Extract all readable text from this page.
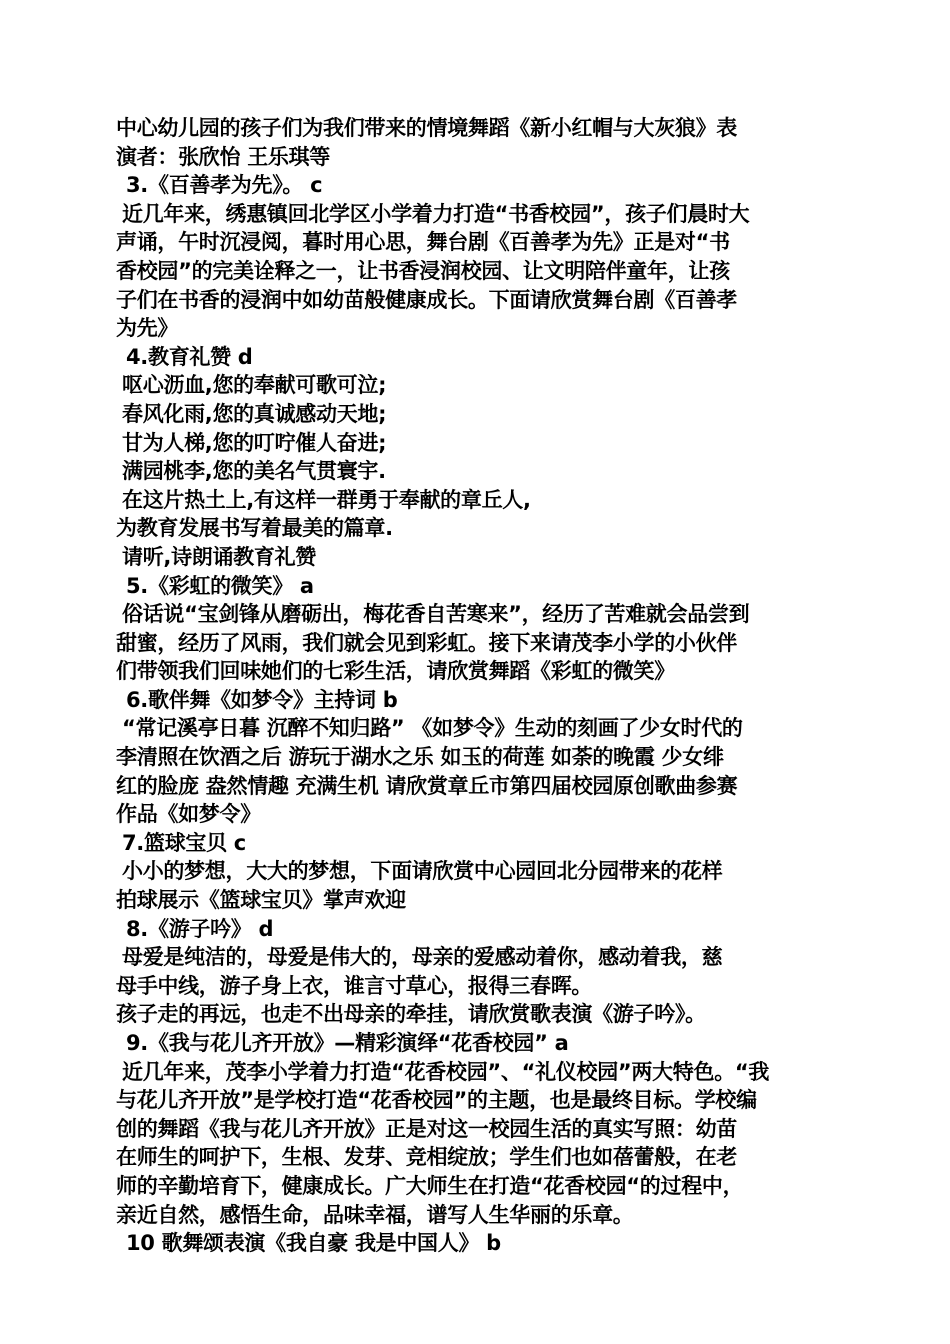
中心幼儿园的孩子们为我们带来的情境舞蹈《新小红帽与大灰狼》表
演者：张欣怡 王乐琪等
3.《百善孝为先》。 c
近几年来，绣惠镇回北学区小学着力打造“书香校园”，孩子们晨时大
声诵，午时沉浸阅，暮时用心思，舞台剧《百善孝为先》正是对“书
香校园”的完美诠释之一，让书香浸润校园、让文明陪伴童年，让孩
子们在书香的浸润中如幼苗般健康成长。下面请欣赏舞台剧《百善孝
为先》
4.教育礼赞 d
呕心沥血,您的奉献可歌可泣;
春风化雨,您的真诚感动天地;
甘为人梯,您的叮咛催人奋进;
满园桃李,您的美名气贯寰宇.
在这片热土上,有这样一群勇于奉献的章丘人,
为教育发展书写着最美的篇章.
请听,诗朗诵教育礼赞
5.《彩虹的微笑》 a
俗话说“宝剑锋从磨砺出，梅花香自苦寒来”，经历了苦难就会品尝到
甜蜜，经历了风雨，我们就会见到彩虹。接下来请茂李小学的小伙伴
们带领我们回味她们的七彩生活，请欣赏舞蹈《彩虹的微笑》
6.歌伴舞《如梦令》主持词 b
“常记溪亭日暮 沉醉不知归路” 《如梦令》生动的刻画了少女时代的
李清照在饮酒之后 游玩于湖水之乐 如玉的荷莲 如荼的晚霞 少女绯
红的脸庞 盎然情趣 充满生机 请欣赏章丘市第四届校园原创歌曲参赛
作品《如梦令》
7.篮球宝贝 c
小小的梦想，大大的梦想，下面请欣赏中心园回北分园带来的花样
拍球展示《篮球宝贝》掌声欢迎
8.《游子吟》 d
母爱是纯洁的，母爱是伟大的，母亲的爱感动着你，感动着我，慈
母手中线，游子身上衣，谁言寸草心，报得三春晖。
孩子走的再远，也走不出母亲的牵挂，请欣赏歌表演《游子吟》。
9.《我与花儿齐开放》—精彩演绎“花香校园” a
近几年来，茂李小学着力打造“花香校园”、“礼仪校园”两大特色。“我
与花儿齐开放”是学校打造“花香校园”的主题，也是最终目标。学校编
创的舞蹈《我与花儿齐开放》正是对这一校园生活的真实写照：幼苗
在师生的呵护下，生根、发芽、竞相绽放；学生们也如蓓蕾般，在老
师的辛勤培育下，健康成长。广大师生在打造“花香校园“的过程中，
亲近自然，感悟生命，品味幸福，谱写人生华丽的乐章。
10 歌舞颂表演《我自豪 我是中国人》 b
